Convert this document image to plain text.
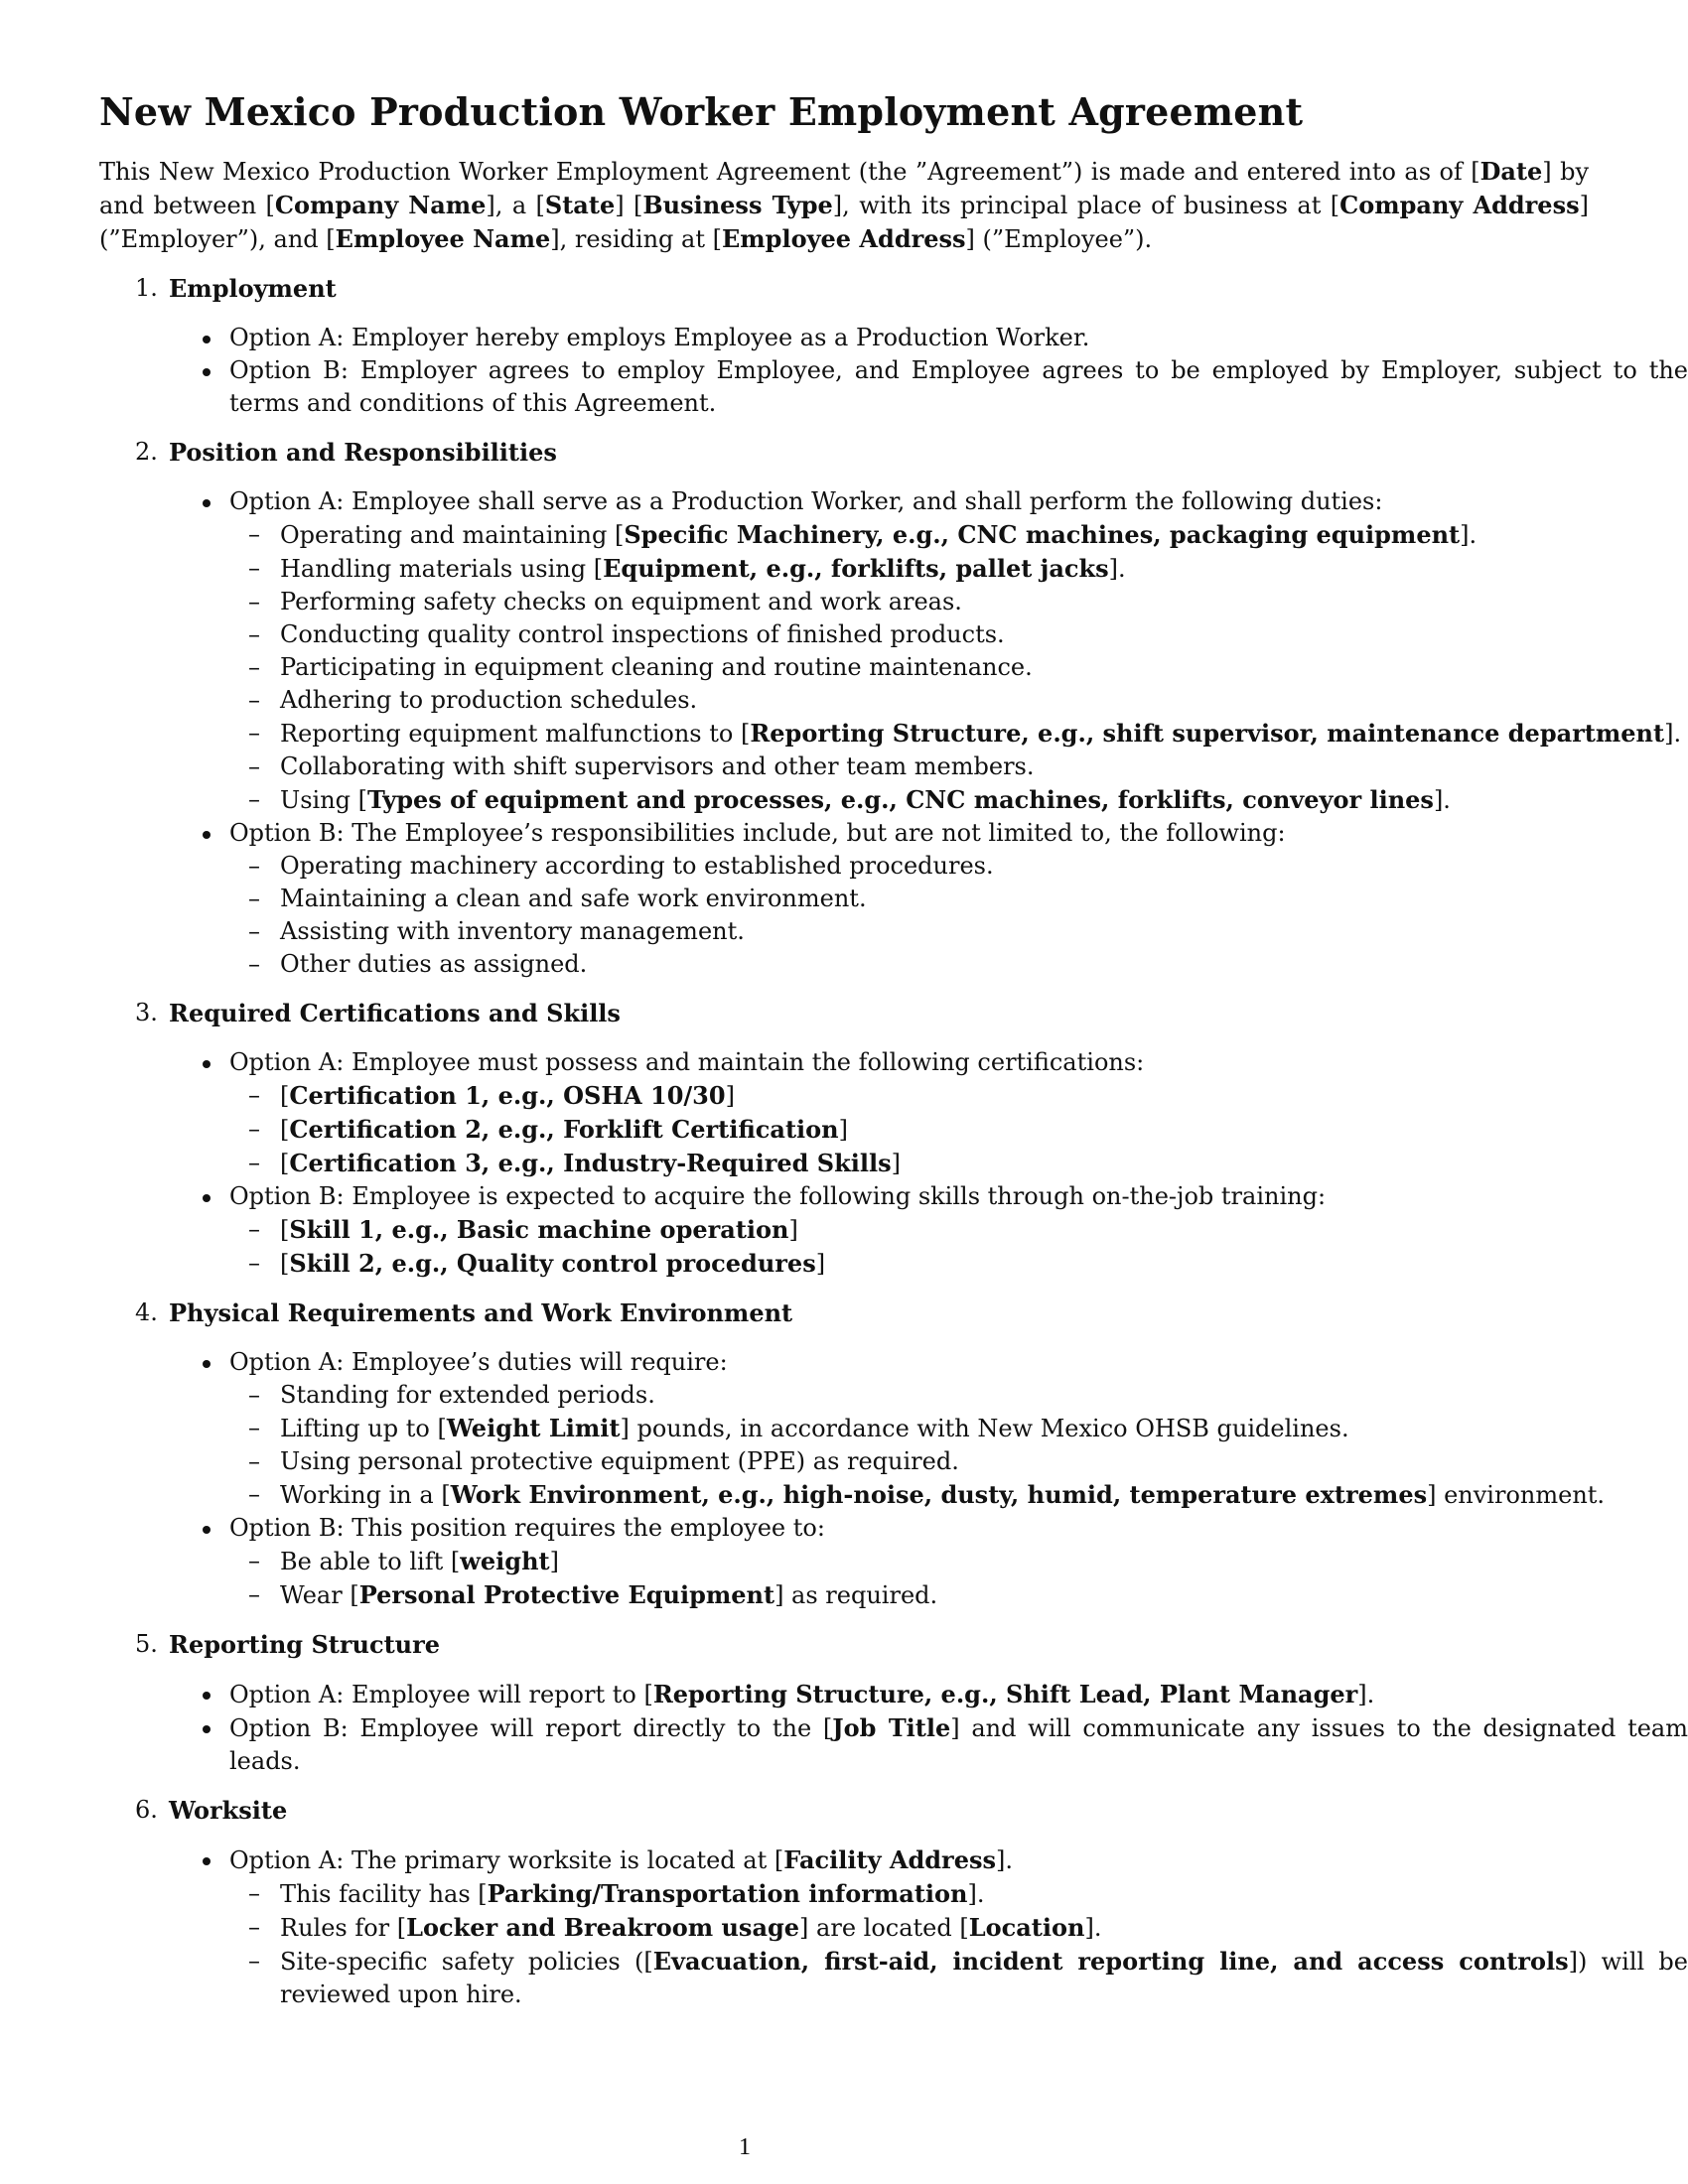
New Mexico Production Worker Employment Agreement

This New Mexico Production Worker Employment Agreement (the ”Agreement”) is made and entered into as of [Date] by and between [Company Name], a [State] [Business Type], with its principal place of business at [Company Address] (”Employer”), and [Employee Name], residing at [Employee Address] (”Employee”).

1. Employment
Option A: Employer hereby employs Employee as a Production Worker.
Option B: Employer agrees to employ Employee, and Employee agrees to be employed by Employer, subject to the terms and conditions of this Agreement.
2. Position and Responsibilities
Option A: Employee shall serve as a Production Worker, and shall perform the following duties:
– Operating and maintaining [Specific Machinery, e.g., CNC machines, packaging equipment].
– Handling materials using [Equipment, e.g., forklifts, pallet jacks].
– Performing safety checks on equipment and work areas.
– Conducting quality control inspections of finished products.
– Participating in equipment cleaning and routine maintenance.
– Adhering to production schedules.
– Reporting equipment malfunctions to [Reporting Structure, e.g., shift supervisor, maintenance department].
– Collaborating with shift supervisors and other team members.
– Using [Types of equipment and processes, e.g., CNC machines, forklifts, conveyor lines].
Option B: The Employee’s responsibilities include, but are not limited to, the following:
– Operating machinery according to established procedures.
– Maintaining a clean and safe work environment.
– Assisting with inventory management.
– Other duties as assigned.
3. Required Certifications and Skills
Option A: Employee must possess and maintain the following certifications:
– [Certification 1, e.g., OSHA 10/30]
– [Certification 2, e.g., Forklift Certification]
– [Certification 3, e.g., Industry-Required Skills]
Option B: Employee is expected to acquire the following skills through on-the-job training:
– [Skill 1, e.g., Basic machine operation]
– [Skill 2, e.g., Quality control procedures]
4. Physical Requirements and Work Environment
Option A: Employee’s duties will require:
– Standing for extended periods.
– Lifting up to [Weight Limit] pounds, in accordance with New Mexico OHSB guidelines.
– Using personal protective equipment (PPE) as required.
– Working in a [Work Environment, e.g., high-noise, dusty, humid, temperature extremes] environment.
Option B: This position requires the employee to:
– Be able to lift [weight]
– Wear [Personal Protective Equipment] as required.
5. Reporting Structure
Option A: Employee will report to [Reporting Structure, e.g., Shift Lead, Plant Manager].
Option B: Employee will report directly to the [Job Title] and will communicate any issues to the designated team leads.
6. Worksite
Option A: The primary worksite is located at [Facility Address].
– This facility has [Parking/Transportation information].
– Rules for [Locker and Breakroom usage] are located [Location].
– Site-specific safety policies ([Evacuation, first-aid, incident reporting line, and access controls]) will be reviewed upon hire.
1
